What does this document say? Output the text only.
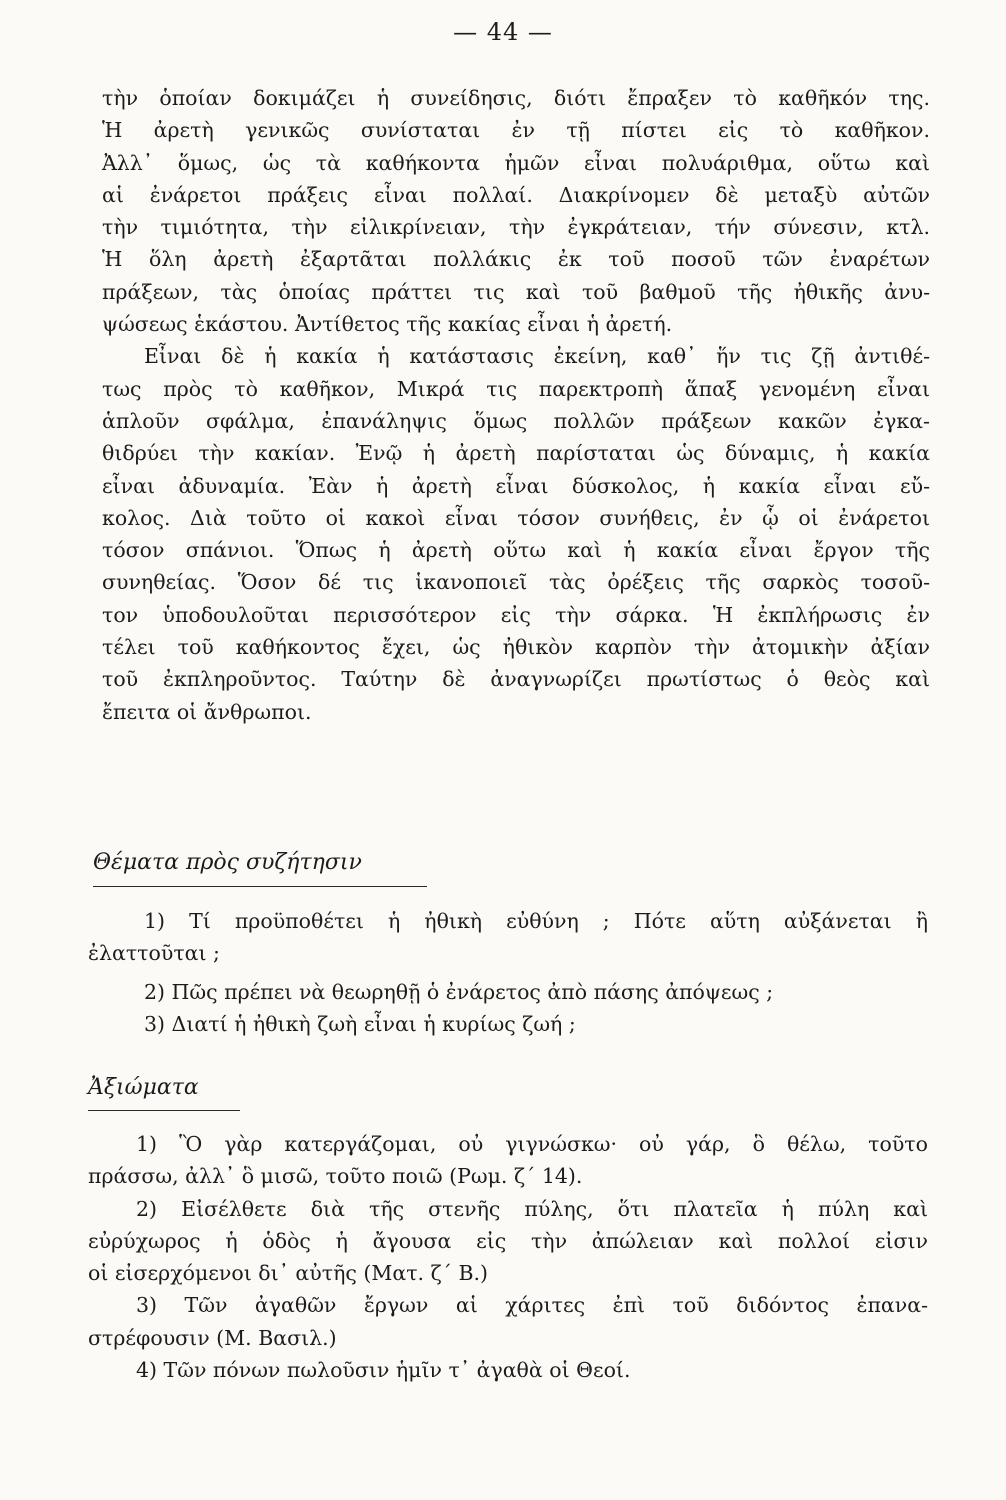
— 44 —
τὴν ὁποίαν δοκιμάζει ἡ συνείδησις, διότι ἔπραξεν τὸ καθῆκόν της.
Ἡ ἀρετὴ γενικῶς συνίσταται ἐν τῇ πίστει εἰς τὸ καθῆκον.
Ἀλλ᾿ ὅμως, ὡς τὰ καθήκοντα ἡμῶν εἶναι πολυάριθμα, οὕτω καὶ
αἱ ἐνάρετοι πράξεις εἶναι πολλαί. Διακρίνομεν δὲ μεταξὺ αὐτῶν
τὴν τιμιότητα, τὴν εἰλικρίνειαν, τὴν ἐγκράτειαν, τήν σύνεσιν, κτλ.
Ἡ ὅλη ἀρετὴ ἐξαρτᾶται πολλάκις ἐκ τοῦ ποσοῦ τῶν ἐναρέτων
πράξεων, τὰς ὁποίας πράττει τις καὶ τοῦ βαθμοῦ τῆς ἠθικῆς ἀνυ-
ψώσεως ἑκάστου. Ἀντίθετος τῆς κακίας εἶναι ἡ ἀρετή.
Εἶναι δὲ ἡ κακία ἡ κατάστασις ἐκείνη, καθ᾿ ἥν τις ζῇ ἀντιθέ-
τως πρὸς τὸ καθῆκον, Μικρά τις παρεκτροπὴ ἅπαξ γενομένη εἶναι
ἁπλοῦν σφάλμα, ἐπανάληψις ὅμως πολλῶν πράξεων κακῶν ἐγκα-
θιδρύει τὴν κακίαν. Ἐνῷ ἡ ἀρετὴ παρίσταται ὡς δύναμις, ἡ κακία
εἶναι ἀδυναμία. Ἐὰν ἡ ἀρετὴ εἶναι δύσκολος, ἡ κακία εἶναι εὔ-
κολος. Διὰ τοῦτο οἱ κακοὶ εἶναι τόσον συνήθεις, ἐν ᾧ οἱ ἐνάρετοι
τόσον σπάνιοι. Ὅπως ἡ ἀρετὴ οὕτω καὶ ἡ κακία εἶναι ἔργον τῆς
συνηθείας. Ὅσον δέ τις ἱκανοποιεῖ τὰς ὀρέξεις τῆς σαρκὸς τοσοῦ-
τον ὑποδουλοῦται περισσότερον εἰς τὴν σάρκα. Ἡ ἐκπλήρωσις ἐν
τέλει τοῦ καθήκοντος ἔχει, ὡς ἠθικὸν καρπὸν τὴν ἀτομικὴν ἀξίαν
τοῦ ἐκπληροῦντος. Ταύτην δὲ ἀναγνωρίζει πρωτίστως ὁ θεὸς καὶ
ἔπειτα οἱ ἄνθρωποι.
Θέματα πρὸς συζήτησιν
1) Τί προϋποθέτει ἡ ἠθικὴ εὐθύνη ; Πότε αὕτη αὐξάνεται ἢ
ἐλαττοῦται ;
2) Πῶς πρέπει νὰ θεωρηθῇ ὁ ἐνάρετος ἀπὸ πάσης ἀπόψεως ;
3) Διατί ἡ ἠθικὴ ζωὴ εἶναι ἡ κυρίως ζωή ;
Ἀξιώματα
1) Ὃ γὰρ κατεργάζομαι, οὐ γιγνώσκω· οὐ γάρ, ὃ θέλω, τοῦτο
πράσσω, ἀλλ᾿ ὃ μισῶ, τοῦτο ποιῶ (Ρωμ. ζ΄ 14).
2) Εἰσέλθετε διὰ τῆς στενῆς πύλης, ὅτι πλατεῖα ἡ πύλη καὶ
εὐρύχωρος ἡ ὁδὸς ἡ ἄγουσα εἰς τὴν ἀπώλειαν καὶ πολλοί εἰσιν
οἱ εἰσερχόμενοι δι᾿ αὐτῆς (Ματ. ζ΄ Β.)
3) Τῶν ἀγαθῶν ἔργων αἱ χάριτες ἐπὶ τοῦ διδόντος ἐπανα-
στρέφουσιν (Μ. Βασιλ.)
4) Τῶν πόνων πωλοῦσιν ἡμῖν τ᾿ ἀγαθὰ οἱ Θεοί.
